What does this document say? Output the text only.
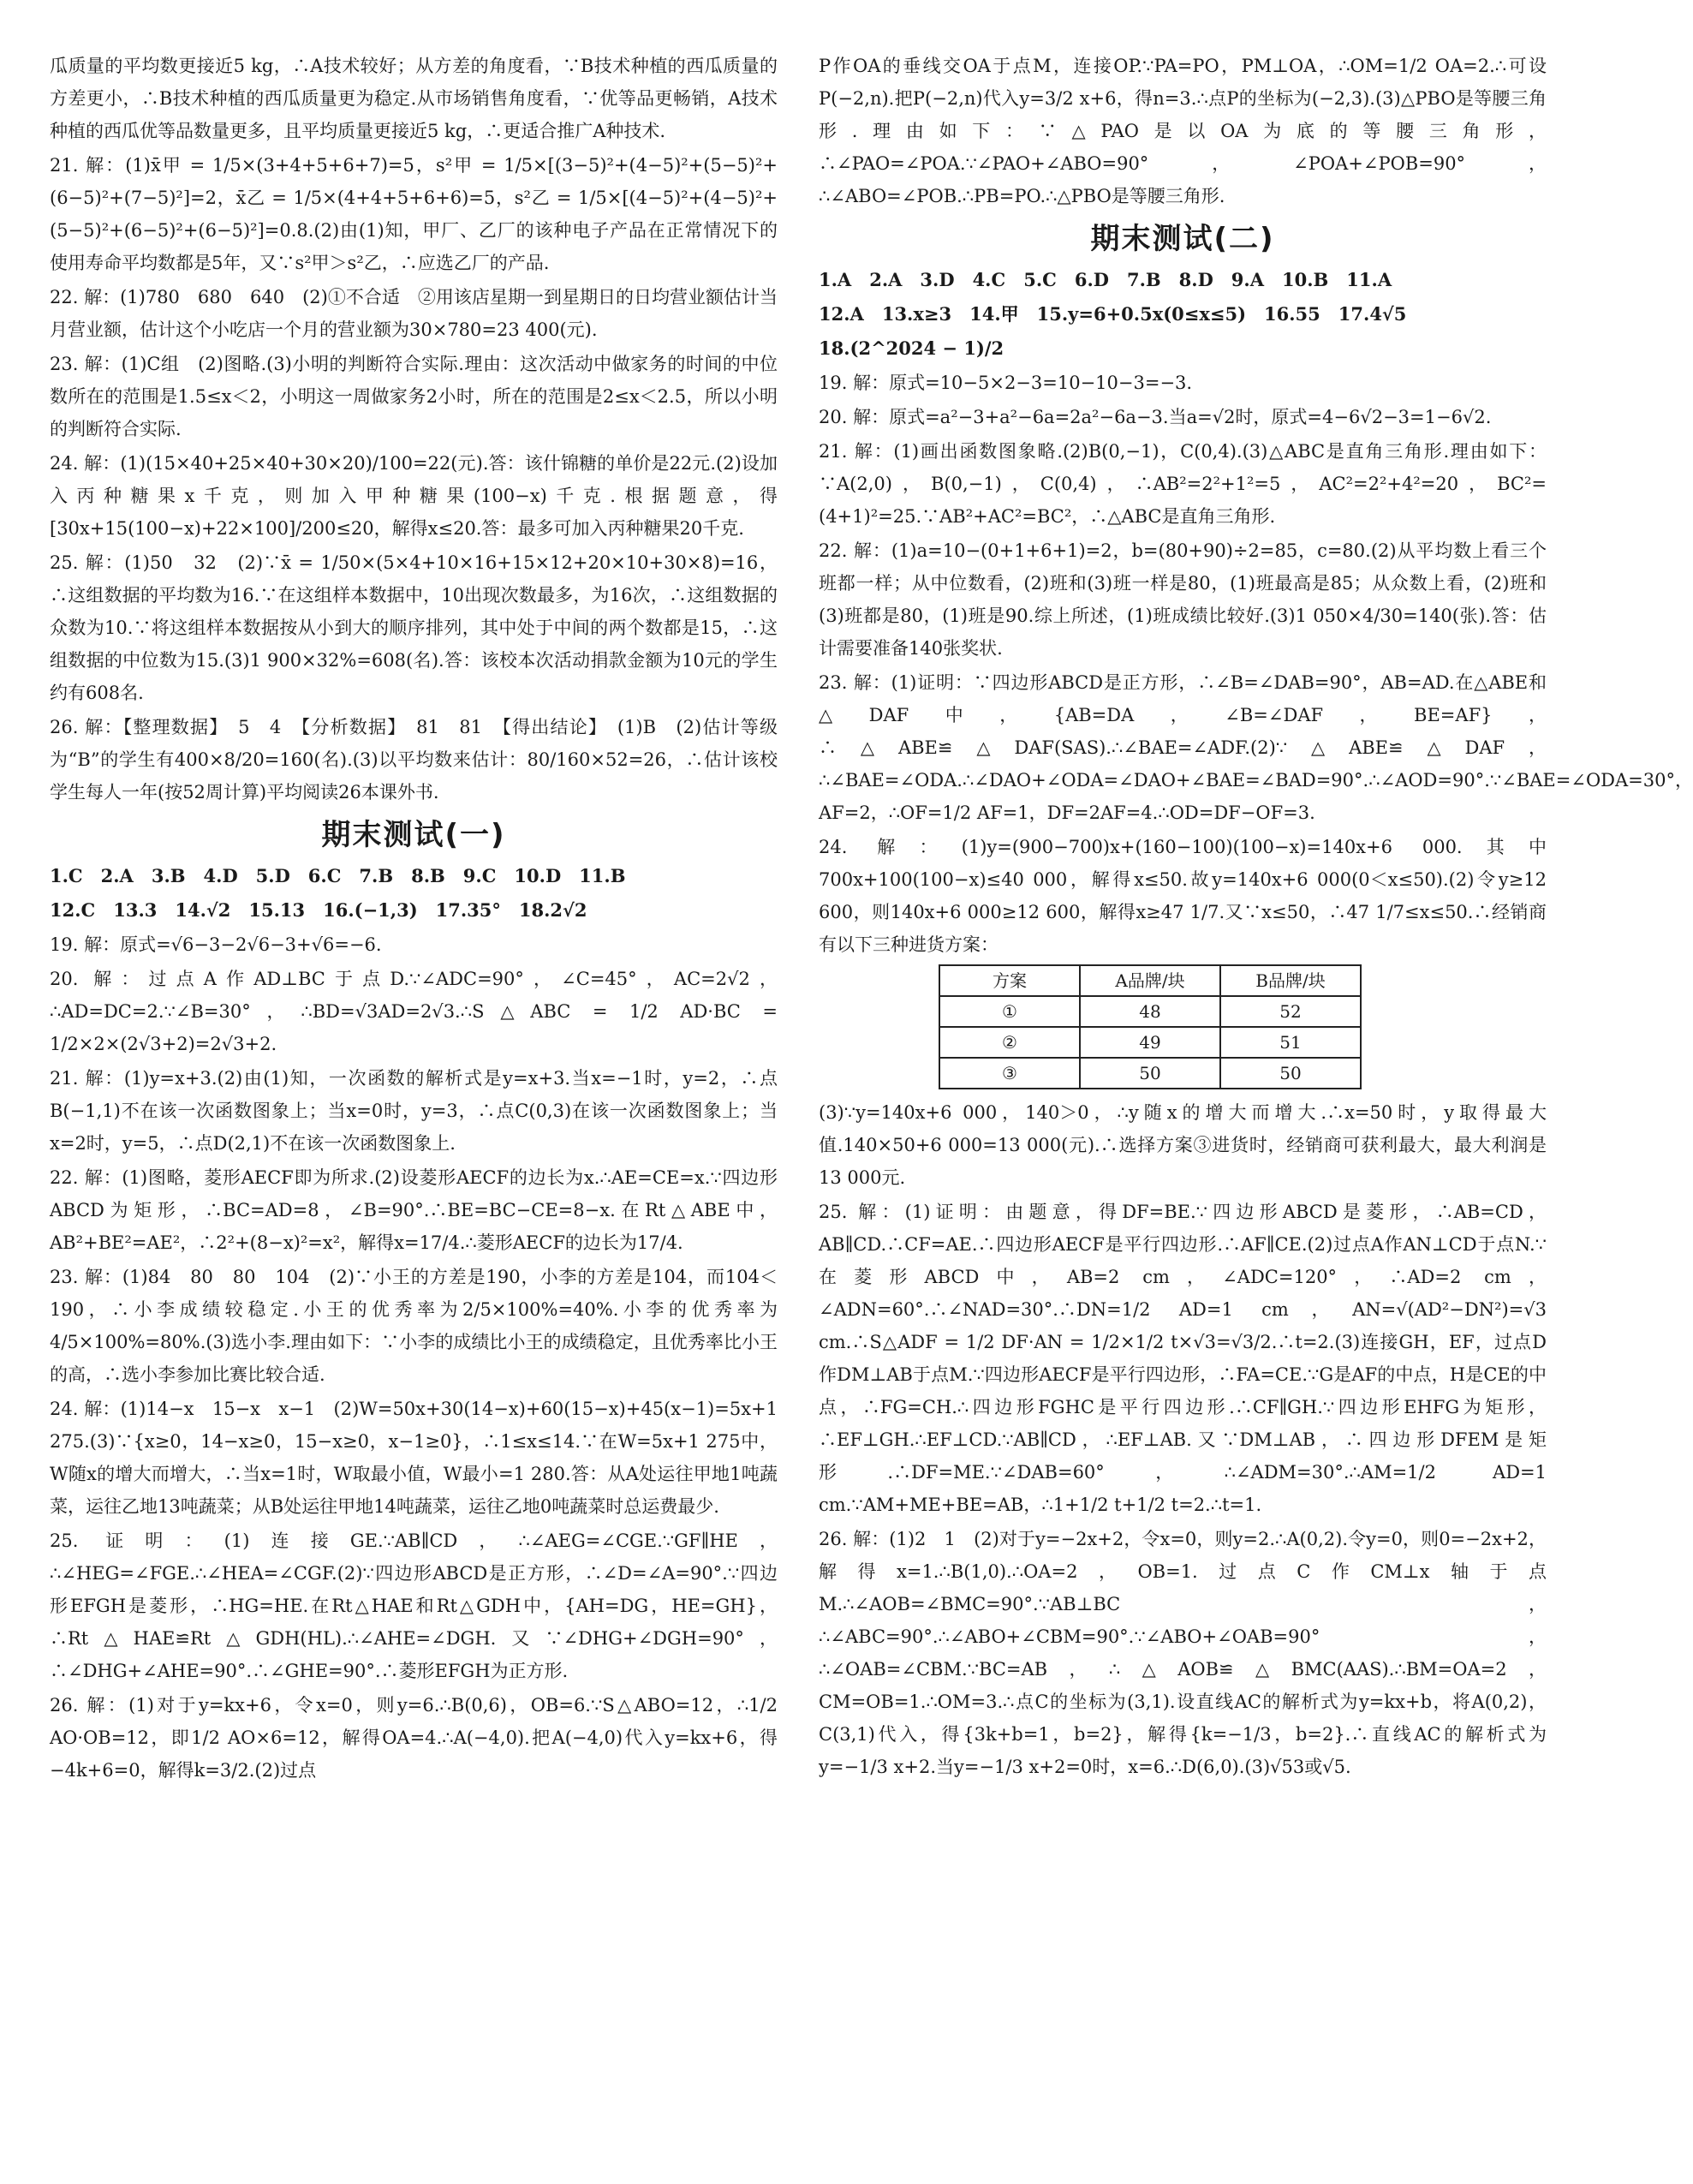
瓜质量的平均数更接近5 kg，∴A技术较好；从方差的角度看，∵B技术种植的西瓜质量的方差更小，∴B技术种植的西瓜质量更为稳定.从市场销售角度看，∵优等品更畅销，A技术种植的西瓜优等品数量更多，且平均质量更接近5 kg，∴更适合推广A种技术.

21. 解：(1)x̄甲 = 1/5×(3+4+5+6+7)=5，s²甲 = 1/5×[(3−5)²+(4−5)²+(5−5)²+(6−5)²+(7−5)²]=2，x̄乙 = 1/5×(4+4+5+6+6)=5，s²乙 = 1/5×[(4−5)²+(4−5)²+(5−5)²+(6−5)²+(6−5)²]=0.8.(2)由(1)知，甲厂、乙厂的该种电子产品在正常情况下的使用寿命平均数都是5年，又∵s²甲＞s²乙，∴应选乙厂的产品.

22. 解：(1)780　680　640　(2)①不合适　②用该店星期一到星期日的日均营业额估计当月营业额，估计这个小吃店一个月的营业额为30×780=23 400(元).

23. 解：(1)C组　(2)图略.(3)小明的判断符合实际.理由：这次活动中做家务的时间的中位数所在的范围是1.5≤x＜2，小明这一周做家务2小时，所在的范围是2≤x＜2.5，所以小明的判断符合实际.

24. 解：(1)(15×40+25×40+30×20)/100=22(元).答：该什锦糖的单价是22元.(2)设加入丙种糖果x千克，则加入甲种糖果(100−x)千克.根据题意，得[30x+15(100−x)+22×100]/200≤20，解得x≤20.答：最多可加入丙种糖果20千克.

25. 解：(1)50　32　(2)∵x̄ = 1/50×(5×4+10×16+15×12+20×10+30×8)=16，∴这组数据的平均数为16.∵在这组样本数据中，10出现次数最多，为16次，∴这组数据的众数为10.∵将这组样本数据按从小到大的顺序排列，其中处于中间的两个数都是15，∴这组数据的中位数为15.(3)1 900×32%=608(名).答：该校本次活动捐款金额为10元的学生约有608名.

26. 解：【整理数据】　5　4　【分析数据】　81　81　【得出结论】　(1)B　(2)估计等级为“B”的学生有400×8/20=160(名).(3)以平均数来估计：80/160×52=26，∴估计该校学生每人一年(按52周计算)平均阅读26本课外书.

期末测试(一)

1.C　2.A　3.B　4.D　5.D　6.C　7.B　8.B　9.C　10.D　11.B

12.C　13.3　14.√2　15.13　16.(−1,3)　17.35°　18.2√2

19. 解：原式=√6−3−2√6−3+√6=−6.

20. 解：过点A作AD⊥BC于点D.∵∠ADC=90°，∠C=45°，AC=2√2，∴AD=DC=2.∵∠B=30°，∴BD=√3AD=2√3.∴S△ABC = 1/2 AD·BC = 1/2×2×(2√3+2)=2√3+2.

21. 解：(1)y=x+3.(2)由(1)知，一次函数的解析式是y=x+3.当x=−1时，y=2，∴点B(−1,1)不在该一次函数图象上；当x=0时，y=3，∴点C(0,3)在该一次函数图象上；当x=2时，y=5，∴点D(2,1)不在该一次函数图象上.

22. 解：(1)图略，菱形AECF即为所求.(2)设菱形AECF的边长为x.∴AE=CE=x.∵四边形ABCD为矩形，∴BC=AD=8，∠B=90°.∴BE=BC−CE=8−x.在Rt△ABE中，AB²+BE²=AE²，∴2²+(8−x)²=x²，解得x=17/4.∴菱形AECF的边长为17/4.

23. 解：(1)84　80　80　104　(2)∵小王的方差是190，小李的方差是104，而104＜190，∴小李成绩较稳定.小王的优秀率为2/5×100%=40%.小李的优秀率为4/5×100%=80%.(3)选小李.理由如下：∵小李的成绩比小王的成绩稳定，且优秀率比小王的高，∴选小李参加比赛比较合适.

24. 解：(1)14−x　15−x　x−1　(2)W=50x+30(14−x)+60(15−x)+45(x−1)=5x+1 275.(3)∵{x≥0，14−x≥0，15−x≥0，x−1≥0}，∴1≤x≤14.∵在W=5x+1 275中，W随x的增大而增大，∴当x=1时，W取最小值，W最小=1 280.答：从A处运往甲地1吨蔬菜，运往乙地13吨蔬菜；从B处运往甲地14吨蔬菜，运往乙地0吨蔬菜时总运费最少.

25. 证明：(1)连接GE.∵AB∥CD，∴∠AEG=∠CGE.∵GF∥HE，∴∠HEG=∠FGE.∴∠HEA=∠CGF.(2)∵四边形ABCD是正方形，∴∠D=∠A=90°.∵四边形EFGH是菱形，∴HG=HE.在Rt△HAE和Rt△GDH中，{AH=DG，HE=GH}，∴Rt△HAE≌Rt△GDH(HL).∴∠AHE=∠DGH.又∵∠DHG+∠DGH=90°，∴∠DHG+∠AHE=90°.∴∠GHE=90°.∴菱形EFGH为正方形.

26. 解：(1)对于y=kx+6，令x=0，则y=6.∴B(0,6)，OB=6.∵S△ABO=12，∴1/2 AO·OB=12，即1/2 AO×6=12，解得OA=4.∴A(−4,0).把A(−4,0)代入y=kx+6，得−4k+6=0，解得k=3/2.(2)过点

P作OA的垂线交OA于点M，连接OP.∵PA=PO，PM⊥OA，∴OM=1/2 OA=2.∴可设P(−2,n).把P(−2,n)代入y=3/2 x+6，得n=3.∴点P的坐标为(−2,3).(3)△PBO是等腰三角形.理由如下：∵△PAO是以OA为底的等腰三角形，∴∠PAO=∠POA.∵∠PAO+∠ABO=90°，∠POA+∠POB=90°，∴∠ABO=∠POB.∴PB=PO.∴△PBO是等腰三角形.

期末测试(二)

1.A　2.A　3.D　4.C　5.C　6.D　7.B　8.D　9.A　10.B　11.A

12.A　13.x≥3　14.甲　15.y=6+0.5x(0≤x≤5)　16.55　17.4√5

18.(2^2024 − 1)/2

19. 解：原式=10−5×2−3=10−10−3=−3.

20. 解：原式=a²−3+a²−6a=2a²−6a−3.当a=√2时，原式=4−6√2−3=1−6√2.

21. 解：(1)画出函数图象略.(2)B(0,−1)，C(0,4).(3)△ABC是直角三角形.理由如下：∵A(2,0)，B(0,−1)，C(0,4)，∴AB²=2²+1²=5，AC²=2²+4²=20，BC²=(4+1)²=25.∵AB²+AC²=BC²，∴△ABC是直角三角形.

22. 解：(1)a=10−(0+1+6+1)=2，b=(80+90)÷2=85，c=80.(2)从平均数上看三个班都一样；从中位数看，(2)班和(3)班一样是80，(1)班最高是85；从众数上看，(2)班和(3)班都是80，(1)班是90.综上所述，(1)班成绩比较好.(3)1 050×4/30=140(张).答：估计需要准备140张奖状.

23. 解：(1)证明：∵四边形ABCD是正方形，∴∠B=∠DAB=90°，AB=AD.在△ABE和△DAF中，{AB=DA，∠B=∠DAF，BE=AF}，∴△ABE≌△DAF(SAS).∴∠BAE=∠ADF.(2)∵△ABE≌△DAF，∴∠BAE=∠ODA.∴∠DAO+∠ODA=∠DAO+∠BAE=∠BAD=90°.∴∠AOD=90°.∵∠BAE=∠ODA=30°，AF=2，∴OF=1/2 AF=1，DF=2AF=4.∴OD=DF−OF=3.

24. 解：(1)y=(900−700)x+(160−100)(100−x)=140x+6 000.其中700x+100(100−x)≤40 000，解得x≤50.故y=140x+6 000(0＜x≤50).(2)令y≥12 600，则140x+6 000≥12 600，解得x≥47 1/7.又∵x≤50，∴47 1/7≤x≤50.∴经销商有以下三种进货方案：

方案	A品牌/块	B品牌/块
①	48	52
②	49	51
③	50	50

(3)∵y=140x+6 000，140＞0，∴y随x的增大而增大.∴x=50时，y取得最大值.140×50+6 000=13 000(元).∴选择方案③进货时，经销商可获利最大，最大利润是13 000元.

25. 解：(1)证明：由题意，得DF=BE.∵四边形ABCD是菱形，∴AB=CD，AB∥CD.∴CF=AE.∴四边形AECF是平行四边形.∴AF∥CE.(2)过点A作AN⊥CD于点N.∵在菱形ABCD中，AB=2 cm，∠ADC=120°，∴AD=2 cm，∠ADN=60°.∴∠NAD=30°.∴DN=1/2 AD=1 cm，AN=√(AD²−DN²)=√3 cm.∴S△ADF = 1/2 DF·AN = 1/2×1/2 t×√3=√3/2.∴t=2.(3)连接GH，EF，过点D作DM⊥AB于点M.∵四边形AECF是平行四边形，∴FA=CE.∵G是AF的中点，H是CE的中点，∴FG=CH.∴四边形FGHC是平行四边形.∴CF∥GH.∵四边形EHFG为矩形，∴EF⊥GH.∴EF⊥CD.∵AB∥CD，∴EF⊥AB.又∵DM⊥AB，∴四边形DFEM是矩形.∴DF=ME.∵∠DAB=60°，∴∠ADM=30°.∴AM=1/2 AD=1 cm.∵AM+ME+BE=AB，∴1+1/2 t+1/2 t=2.∴t=1.

26. 解：(1)2　1　(2)对于y=−2x+2，令x=0，则y=2.∴A(0,2).令y=0，则0=−2x+2，解得x=1.∴B(1,0).∴OA=2，OB=1.过点C作CM⊥x轴于点M.∴∠AOB=∠BMC=90°.∵AB⊥BC，∴∠ABC=90°.∴∠ABO+∠CBM=90°.∵∠ABO+∠OAB=90°，∴∠OAB=∠CBM.∵BC=AB，∴△AOB≌△BMC(AAS).∴BM=OA=2，CM=OB=1.∴OM=3.∴点C的坐标为(3,1).设直线AC的解析式为y=kx+b，将A(0,2)，C(3,1)代入，得{3k+b=1，b=2}，解得{k=−1/3，b=2}.∴直线AC的解析式为y=−1/3 x+2.当y=−1/3 x+2=0时，x=6.∴D(6,0).(3)√53或√5.
